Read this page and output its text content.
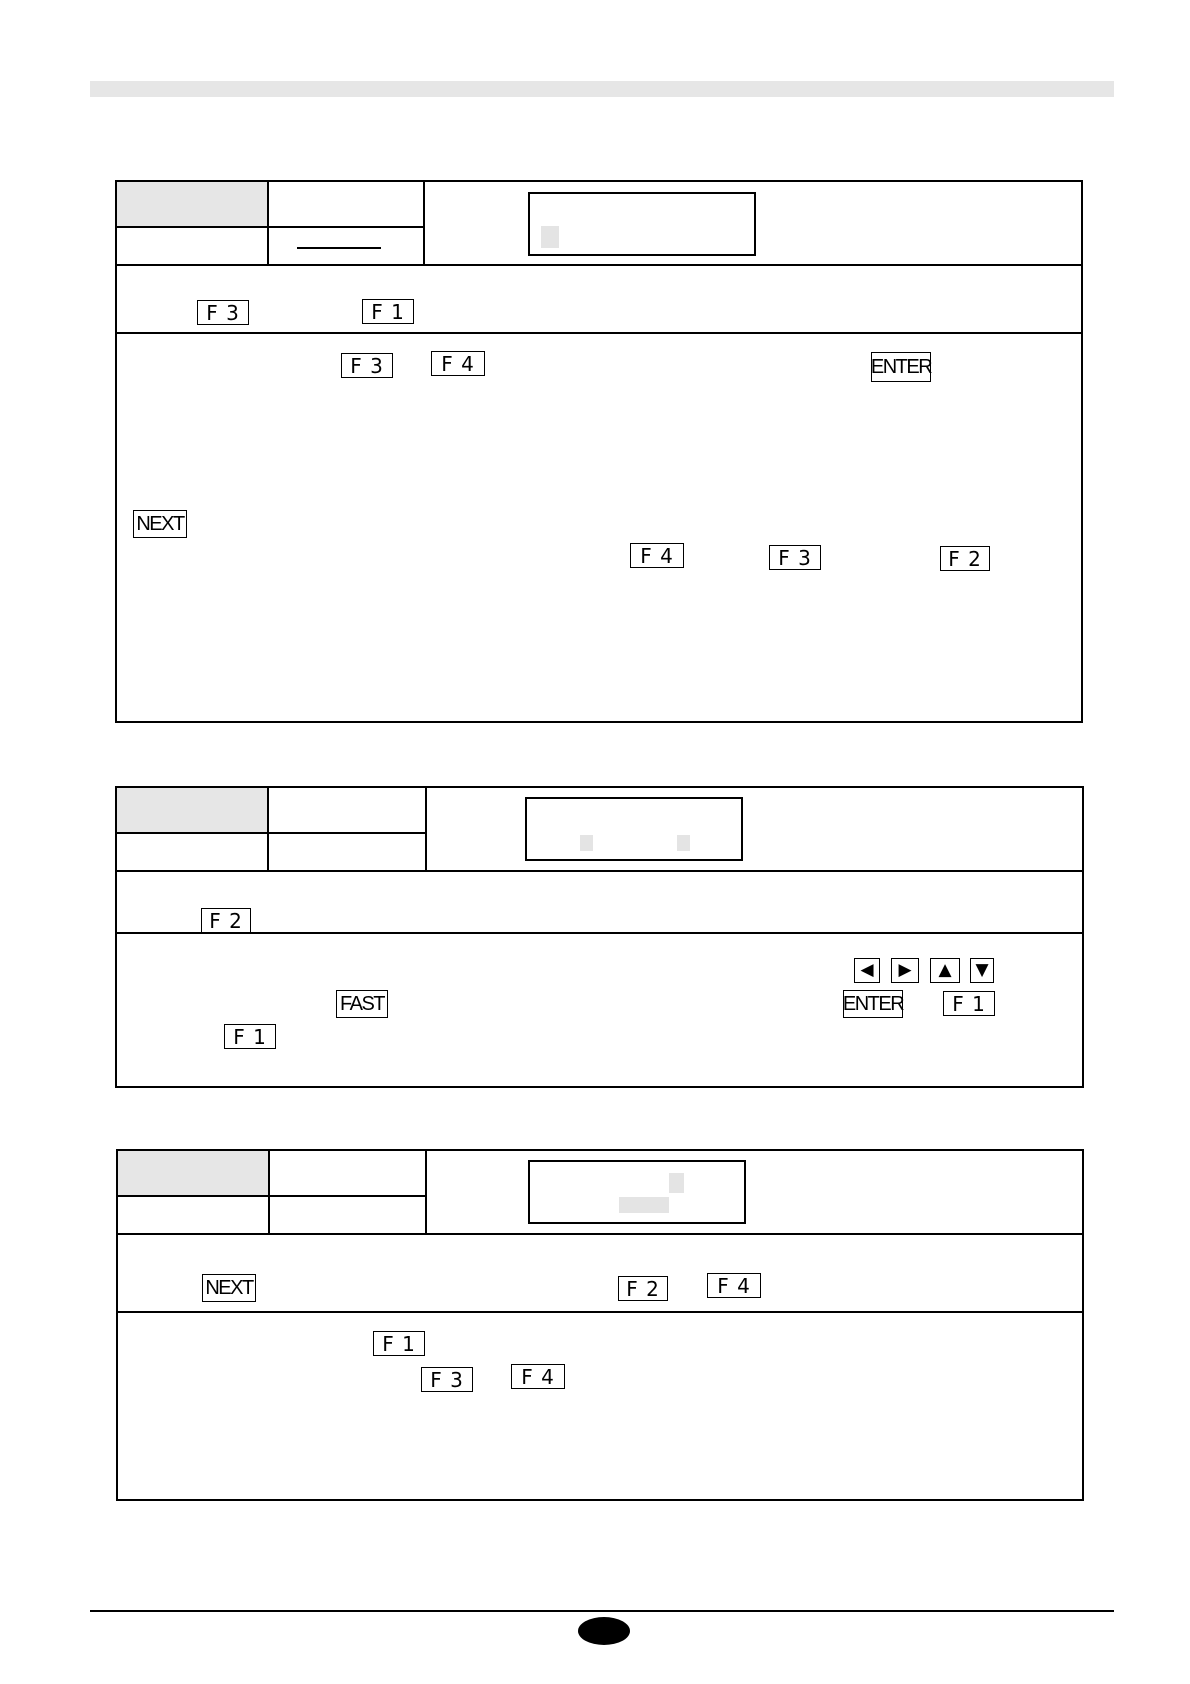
F 3	F 1
F 3	F 4	ENTER
NEXT
F 4	F 3	F 2
F 2
◀	▶	▲	▼
FAST	ENTER	F 1
F 1
NEXT	F 2	F 4
F 1
F 3	F 4
